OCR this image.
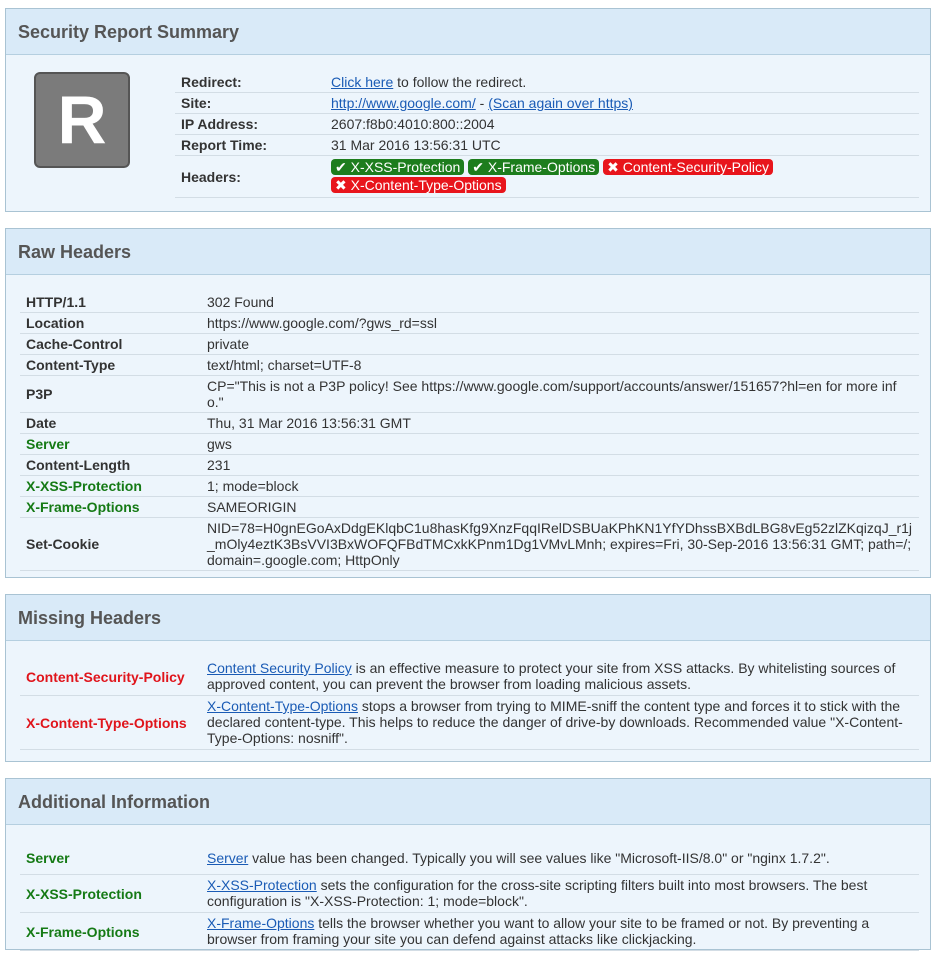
Security Report Summary
R	Redirect:	Click here to follow the redirect.
Site:	http://www.google.com/ - (Scan again over https)
IP Address:	2607:f8b0:4010:800::2004
Report Time:	31 Mar 2016 13:56:31 UTC
Headers:	✔ X-XSS-Protection ✔ X-Frame-Options ✖ Content-Security-Policy
✖ X-Content-Type-Options
Raw Headers
HTTP/1.1	302 Found
Location	https://www.google.com/?gws_rd=ssl
Cache-Control	private
Content-Type	text/html; charset=UTF-8
P3P	CP="This is not a P3P policy! See https://www.google.com/support/accounts/answer/151657?hl=en for more info."
Date	Thu, 31 Mar 2016 13:56:31 GMT
Server	gws
Content-Length	231
X-XSS-Protection	1; mode=block
X-Frame-Options	SAMEORIGIN
Set-Cookie	NID=78=H0gnEGoAxDdgEKlqbC1u8hasKfg9XnzFqqIRelDSBUaKPhKN1YfYDhssBXBdLBG8vEg52zlZKqizqJ_r1j_mOly4eztK3BsVVI3BxWOFQFBdTMCxkKPnm1Dg1VMvLMnh; expires=Fri, 30-Sep-2016 13:56:31 GMT; path=/; domain=.google.com; HttpOnly
Missing Headers
Content-Security-Policy	Content Security Policy is an effective measure to protect your site from XSS attacks. By whitelisting sources of approved content, you can prevent the browser from loading malicious assets.
X-Content-Type-Options	X-Content-Type-Options stops a browser from trying to MIME-sniff the content type and forces it to stick with the declared content-type. This helps to reduce the danger of drive-by downloads. Recommended value "X-Content-Type-Options: nosniff".
Additional Information
Server	Server value has been changed. Typically you will see values like "Microsoft-IIS/8.0" or "nginx 1.7.2".
X-XSS-Protection	X-XSS-Protection sets the configuration for the cross-site scripting filters built into most browsers. The best configuration is "X-XSS-Protection: 1; mode=block".
X-Frame-Options	X-Frame-Options tells the browser whether you want to allow your site to be framed or not. By preventing a browser from framing your site you can defend against attacks like clickjacking.
